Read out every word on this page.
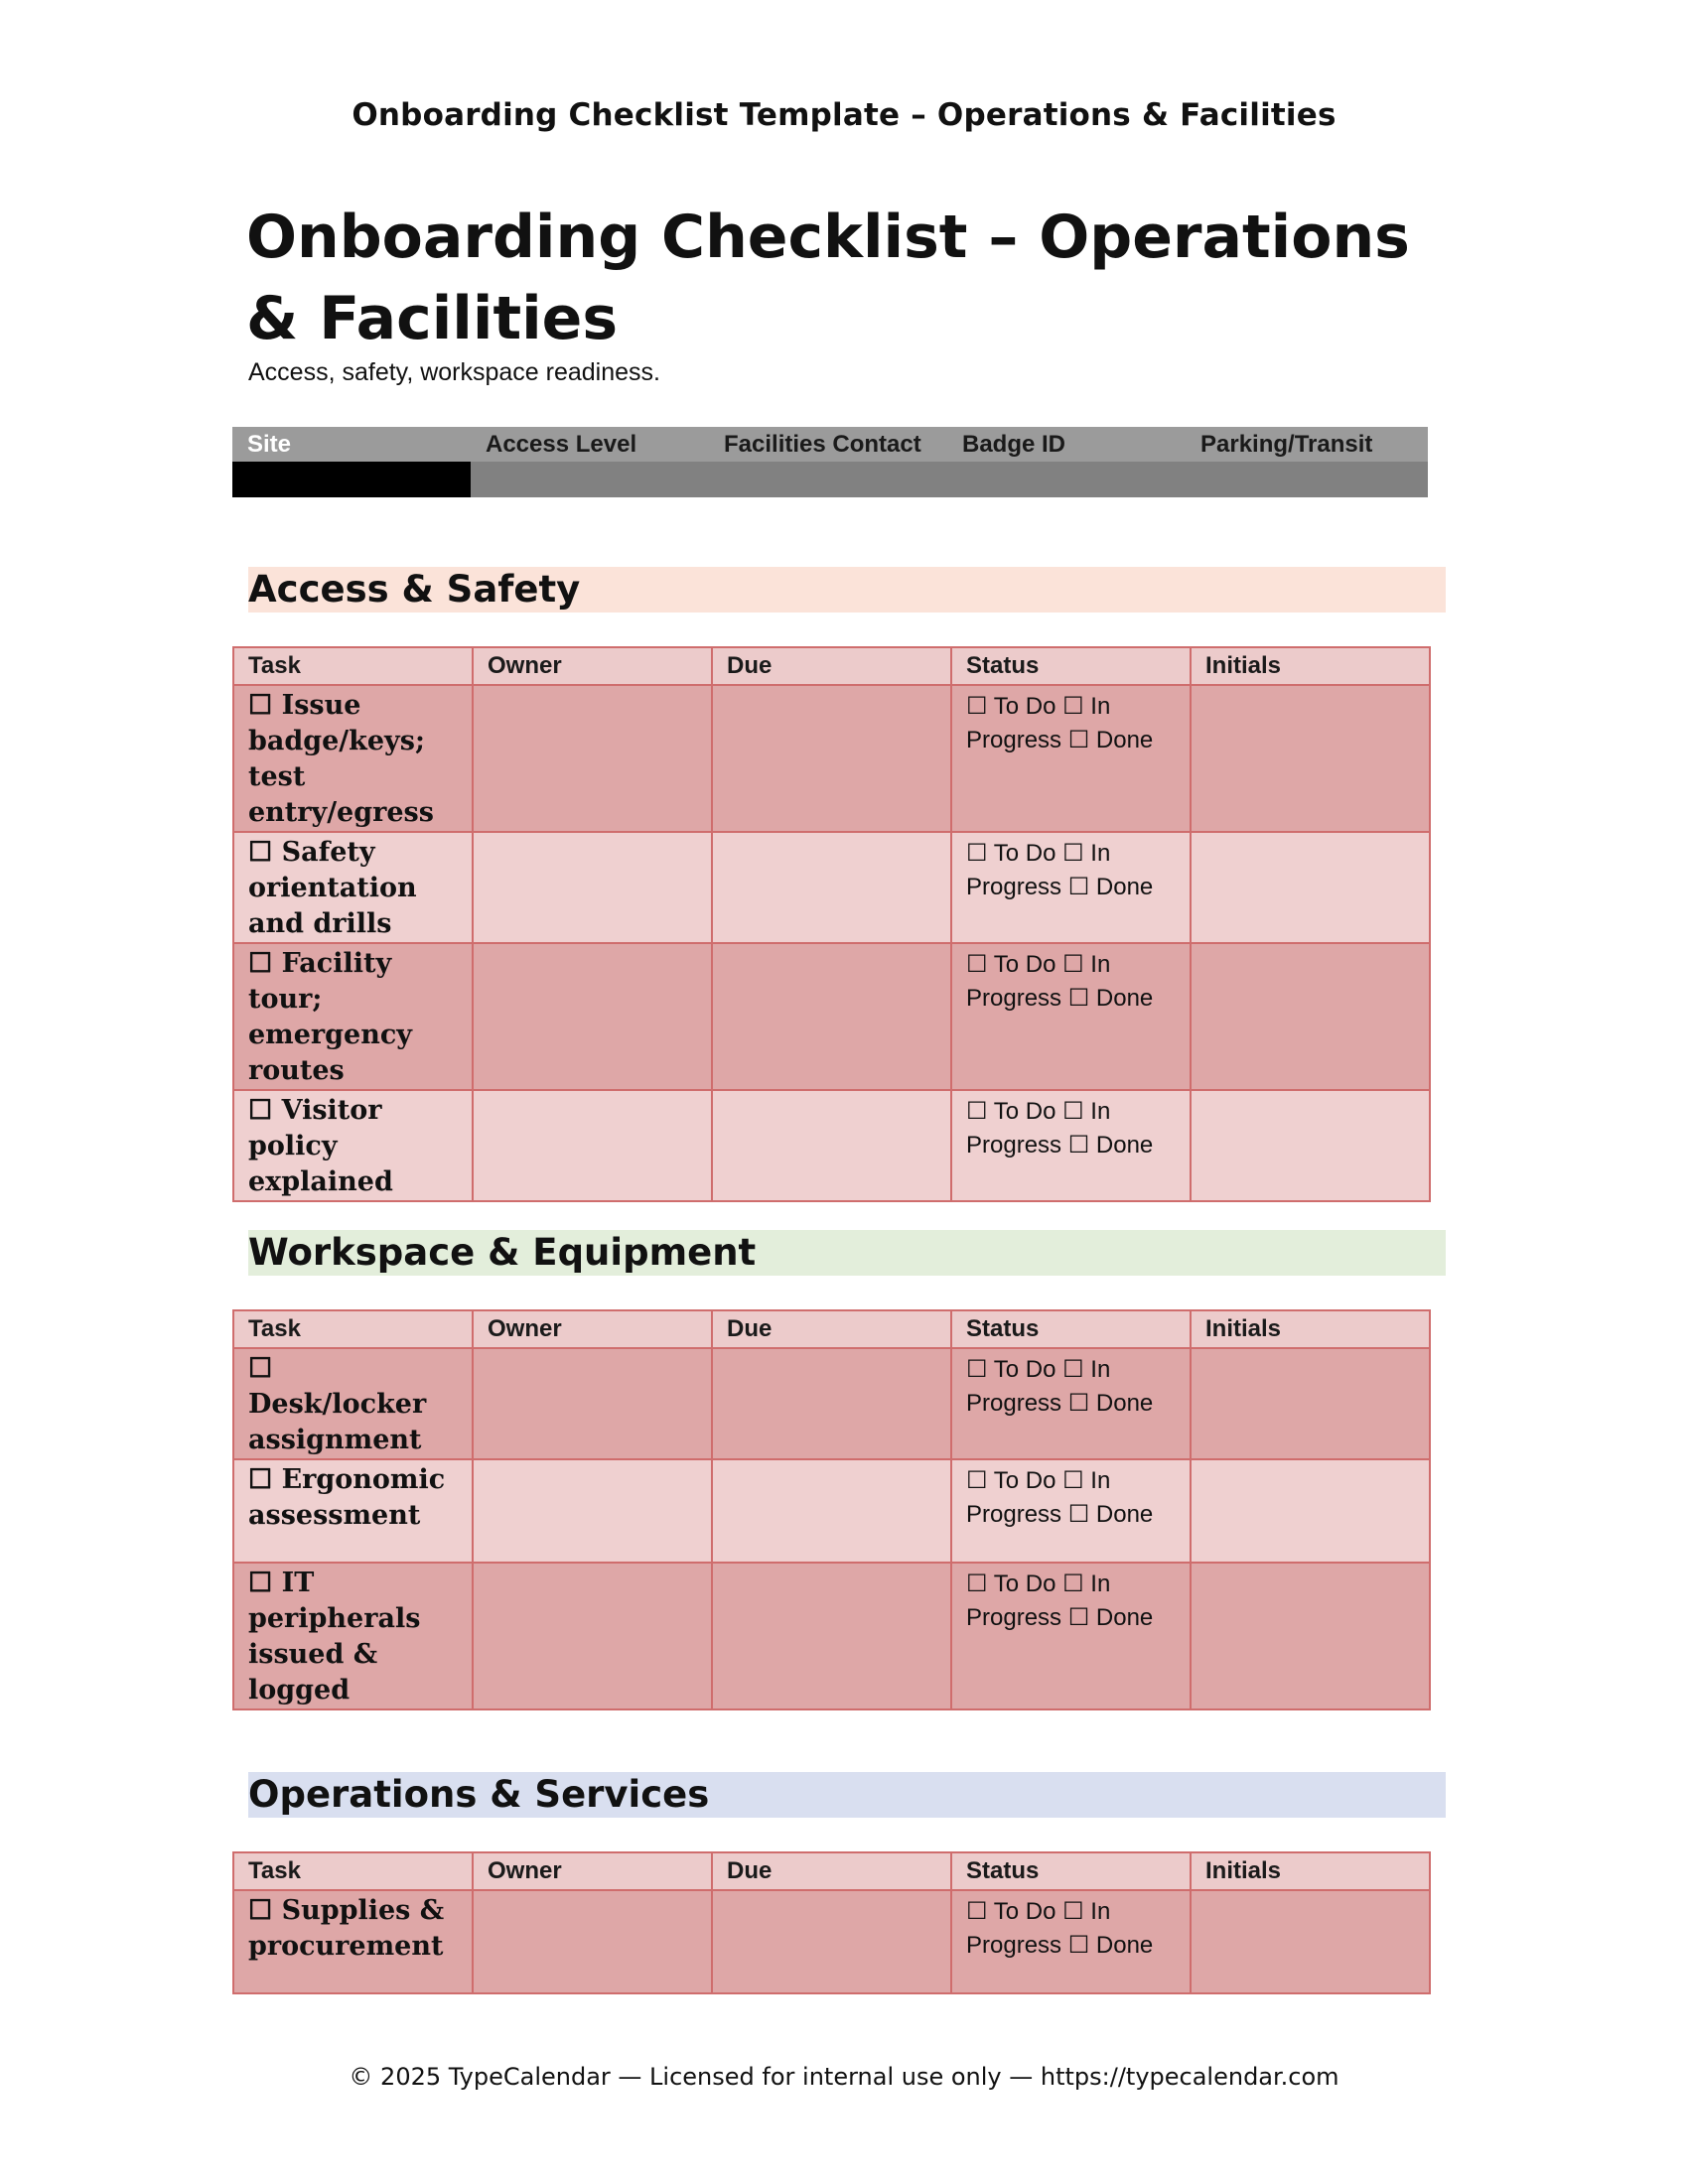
Onboarding Checklist Template – Operations & Facilities
Onboarding Checklist – Operations & Facilities
Access, safety, workspace readiness.
Site	Access Level	Facilities Contact	Badge ID	Parking/Transit
Access & Safety
Task	Owner	Due	Status	Initials

☐ Issue badge/keys; test entry/egress			☐ To Do ☐ In Progress ☐ Done	

☐ Safety orientation and drills			☐ To Do ☐ In Progress ☐ Done	

☐ Facility tour; emergency routes			☐ To Do ☐ In Progress ☐ Done	

☐ Visitor policy explained			☐ To Do ☐ In Progress ☐ Done	

Workspace & Equipment
Task	Owner	Due	Status	Initials

☐ Desk/locker assignment			☐ To Do ☐ In Progress ☐ Done	

☐ Ergonomic assessment			☐ To Do ☐ In Progress ☐ Done	

☐ IT peripherals issued & logged			☐ To Do ☐ In Progress ☐ Done	

Operations & Services
Task	Owner	Due	Status	Initials

☐ Supplies & procurement			☐ To Do ☐ In Progress ☐ Done	

© 2025 TypeCalendar — Licensed for internal use only — https://typecalendar.com
